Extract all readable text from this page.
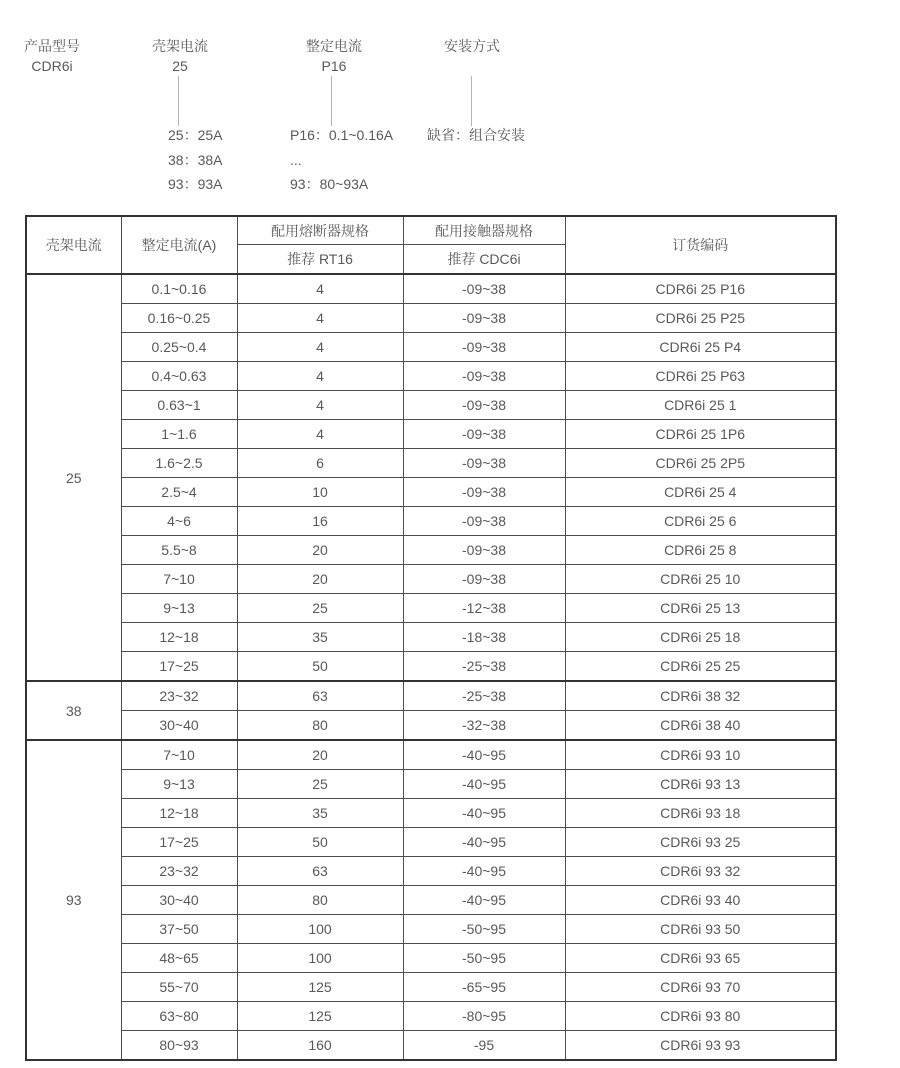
产品型号
CDR6i
壳架电流
25
整定电流
P16
安装方式
25：25A
38：38A
93：93A
P16：0.1~0.16A
...
93：80~93A
缺省：组合安装
壳架电流	整定电流(A)	配用熔断器规格	配用接触器规格	订货编码
		推荐 RT16	推荐 CDC6i	
25	0.1~0.16	4	-09~38	CDR6i 25 P16
	0.16~0.25	4	-09~38	CDR6i 25 P25
	0.25~0.4	4	-09~38	CDR6i 25 P4
	0.4~0.63	4	-09~38	CDR6i 25 P63
	0.63~1	4	-09~38	CDR6i 25 1
	1~1.6	4	-09~38	CDR6i 25 1P6
	1.6~2.5	6	-09~38	CDR6i 25 2P5
	2.5~4	10	-09~38	CDR6i 25 4
	4~6	16	-09~38	CDR6i 25 6
	5.5~8	20	-09~38	CDR6i 25 8
	7~10	20	-09~38	CDR6i 25 10
	9~13	25	-12~38	CDR6i 25 13
	12~18	35	-18~38	CDR6i 25 18
	17~25	50	-25~38	CDR6i 25 25
38	23~32	63	-25~38	CDR6i 38 32
	30~40	80	-32~38	CDR6i 38 40
93	7~10	20	-40~95	CDR6i 93 10
	9~13	25	-40~95	CDR6i 93 13
	12~18	35	-40~95	CDR6i 93 18
	17~25	50	-40~95	CDR6i 93 25
	23~32	63	-40~95	CDR6i 93 32
	30~40	80	-40~95	CDR6i 93 40
	37~50	100	-50~95	CDR6i 93 50
	48~65	100	-50~95	CDR6i 93 65
	55~70	125	-65~95	CDR6i 93 70
	63~80	125	-80~95	CDR6i 93 80
	80~93	160	-95	CDR6i 93 93
